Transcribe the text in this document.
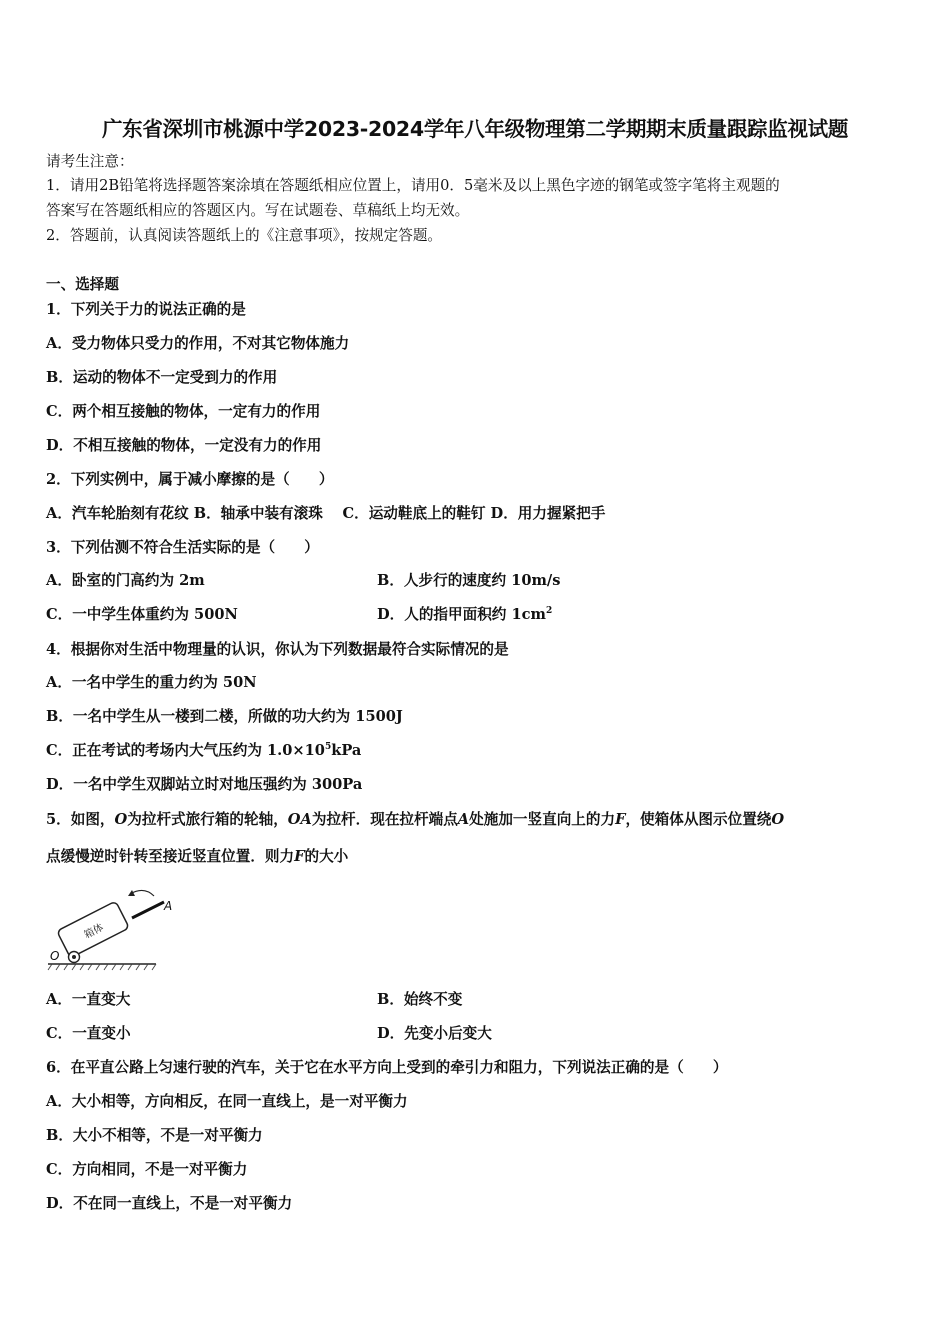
广东省深圳市桃源中学2023-2024学年八年级物理第二学期期末质量跟踪监视试题
请考生注意：
1．请用2B铅笔将选择题答案涂填在答题纸相应位置上，请用0．5毫米及以上黑色字迹的钢笔或签字笔将主观题的
答案写在答题纸相应的答题区内。写在试题卷、草稿纸上均无效。
2．答题前，认真阅读答题纸上的《注意事项》，按规定答题。
一、选择题
1．下列关于力的说法正确的是
A．受力物体只受力的作用，不对其它物体施力
B．运动的物体不一定受到力的作用
C．两个相互接触的物体，一定有力的作用
D．不相互接触的物体，一定没有力的作用
2．下列实例中，属于减小摩擦的是（　　）
A．汽车轮胎刻有花纹 B．轴承中装有滚珠　 C．运动鞋底上的鞋钉 D．用力握紧把手
3．下列估测不符合生活实际的是（　　）
A．卧室的门高约为 2m	B．人步行的速度约 10m/s
C．一中学生体重约为 500N	D．人的指甲面积约 $1cm^2$
4．根据你对生活中物理量的认识，你认为下列数据最符合实际情况的是
A．一名中学生的重力约为 50N
B．一名中学生从一楼到二楼，所做的功大约为 1500J
C．正在考试的考场内大气压约为 $1.0\times 10^5kPa$
D．一名中学生双脚站立时对地压强约为 300Pa
5．如图，O为拉杆式旅行箱的轮轴，OA为拉杆．现在拉杆端点A处施加一竖直向上的力F，使箱体从图示位置绕O
点缓慢逆时针转至接近竖直位置．则力F的大小
箱体
A
O
A．一直变大	B．始终不变
C．一直变小	D．先变小后变大
6．在平直公路上匀速行驶的汽车，关于它在水平方向上受到的牵引力和阻力，下列说法正确的是（　　）
A．大小相等，方向相反，在同一直线上，是一对平衡力
B．大小不相等，不是一对平衡力
C．方向相同，不是一对平衡力
D．不在同一直线上，不是一对平衡力
